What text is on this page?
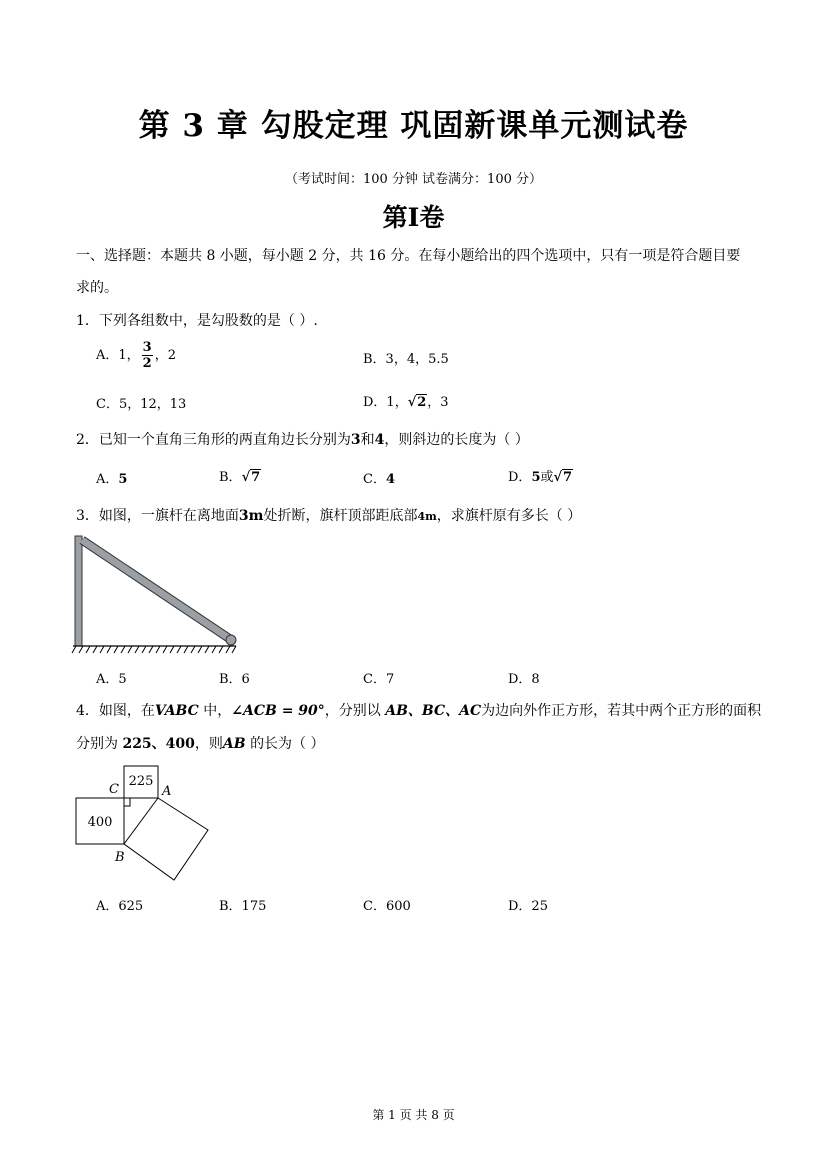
第 3 章 勾股定理 巩固新课单元测试卷
（考试时间：100 分钟 试卷满分：100 分）
第I卷
一、选择题：本题共 8 小题，每小题 2 分，共 16 分。在每小题给出的四个选项中，只有一项是符合题目要
求的。
1．下列各组数中，是勾股数的是（ ）.
A．1， $\frac{3}{2}$ ，2	B．3，4，5.5
C．5，12，13	D．1，√2，3
2．已知一个直角三角形的两直角边长分别为3和4，则斜边的长度为（ ）
A．5	B．√7	C．4	D．5或√7
3．如图，一旗杆在离地面3m处折断，旗杆顶部距底部4m，求旗杆原有多长（ ）
A．5	B．6	C．7	D．8
4．如图，在VABC 中，∠ACB = 90°，分别以 AB、BC、AC为边向外作正方形，若其中两个正方形的面积
分别为 225、400，则AB 的长为（ ）
225
400
C	A
B
A．625	B．175	C．600	D．25
第 1 页 共 8 页
